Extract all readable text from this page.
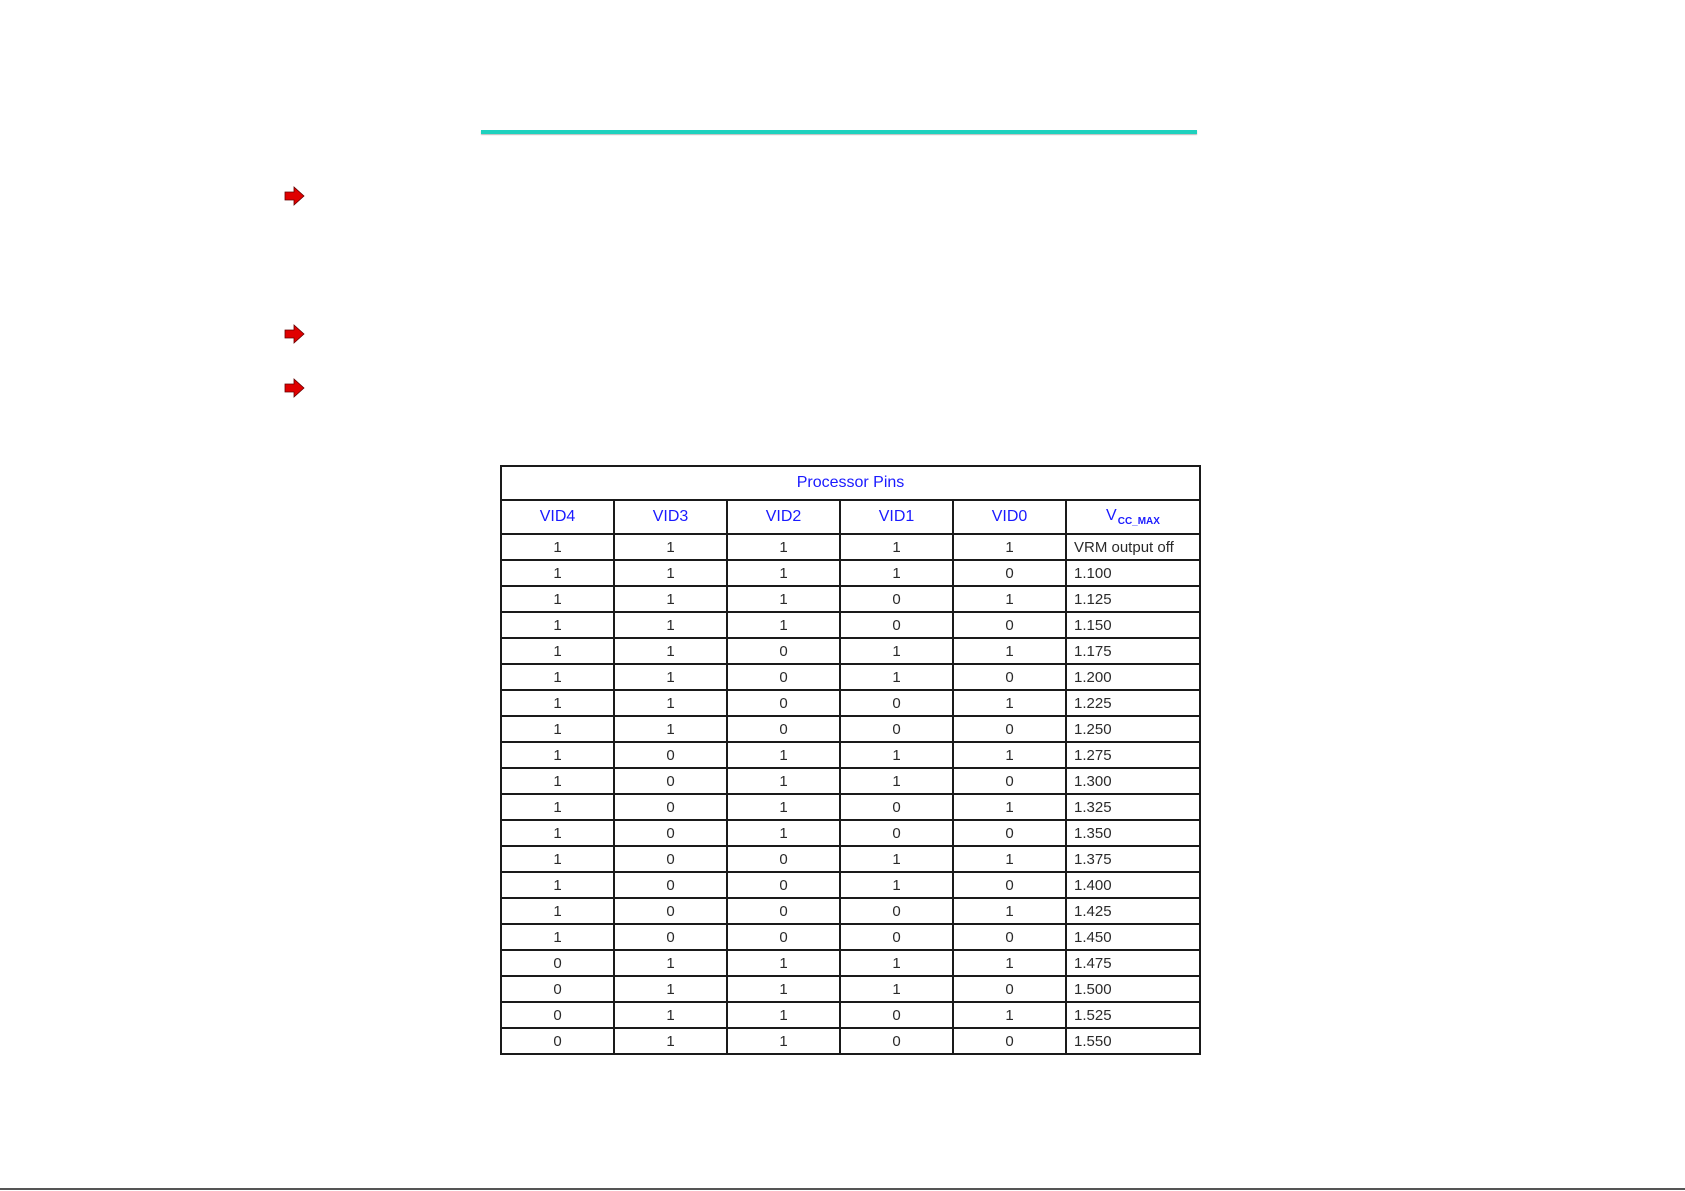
Processor Pins					
VID4	VID3	VID2	VID1	VID0	$V_{CC\_MAX}$
1	1	1	1	1	VRM output off
1	1	1	1	0	1.100
1	1	1	0	1	1.125
1	1	1	0	0	1.150
1	1	0	1	1	1.175
1	1	0	1	0	1.200
1	1	0	0	1	1.225
1	1	0	0	0	1.250
1	0	1	1	1	1.275
1	0	1	1	0	1.300
1	0	1	0	1	1.325
1	0	1	0	0	1.350
1	0	0	1	1	1.375
1	0	0	1	0	1.400
1	0	0	0	1	1.425
1	0	0	0	0	1.450
0	1	1	1	1	1.475
0	1	1	1	0	1.500
0	1	1	0	1	1.525
0	1	1	0	0	1.550
